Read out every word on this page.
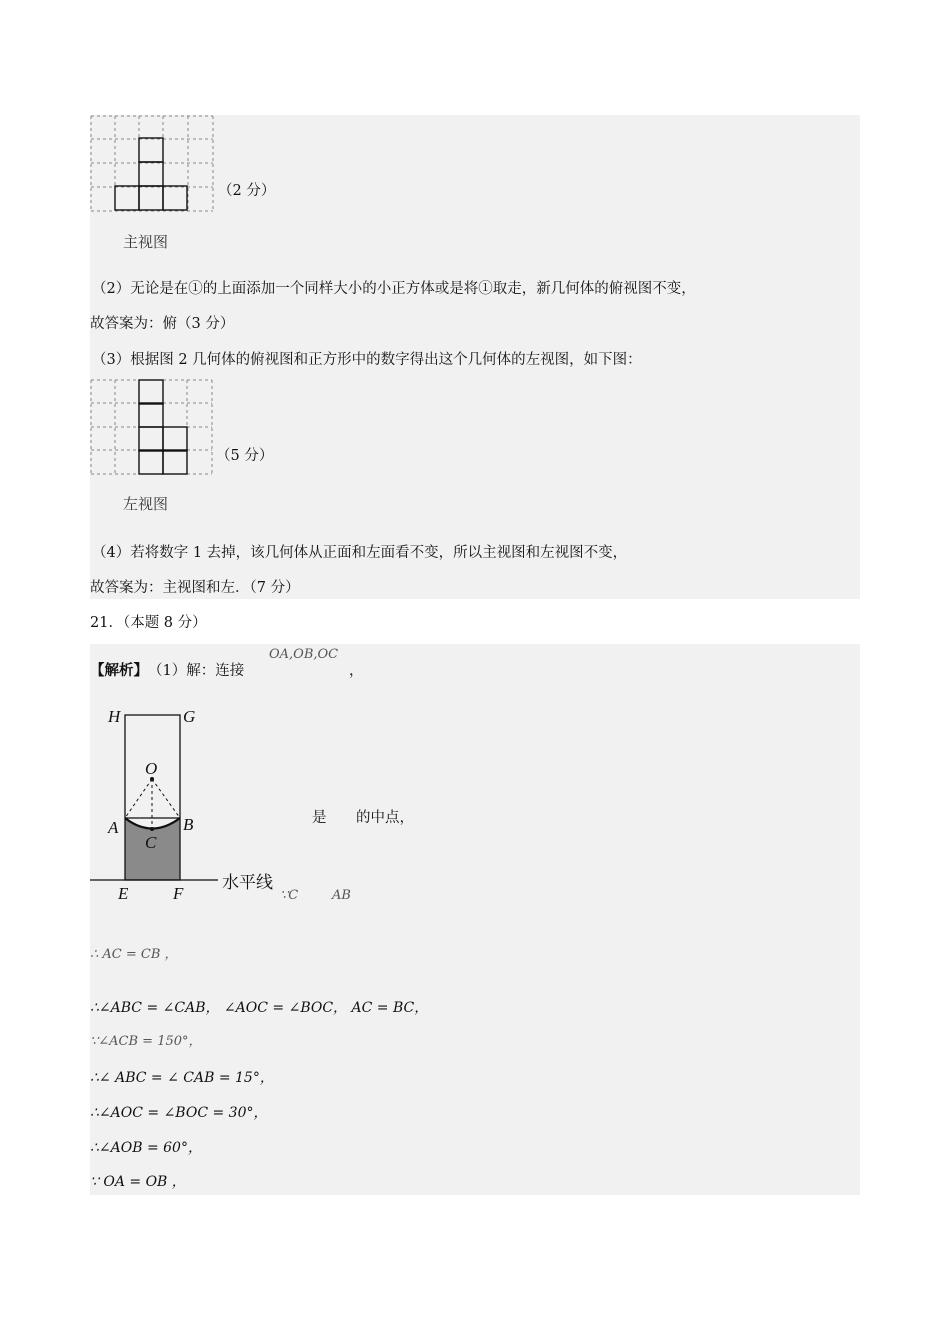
（2 分）
主视图
（2）无论是在①的上面添加一个同样大小的小正方体或是将①取走，新几何体的俯视图不变，
故答案为：俯（3 分）
（3）根据图 2 几何体的俯视图和正方形中的数字得出这个几何体的左视图，如下图：
（5 分）
左视图
（4）若将数字 1 去掉，该几何体从正面和左面看不变，所以主视图和左视图不变，
故答案为：主视图和左．（7 分）
21．（本题 8 分）
【解析】 （1）解：连接
OA,OB,OC
，
H	G
O
A	B
C
E	F
水平线
是 的中点，
∵C	AB
∴ AC = CB ，
∴∠ABC = ∠CAB， ∠AOC = ∠BOC， AC = BC，
∵∠ACB = 150°，
∴∠ ABC = ∠ CAB = 15°，
∴∠AOC = ∠BOC = 30°，
∴∠AOB = 60°，
∵ OA = OB ，
